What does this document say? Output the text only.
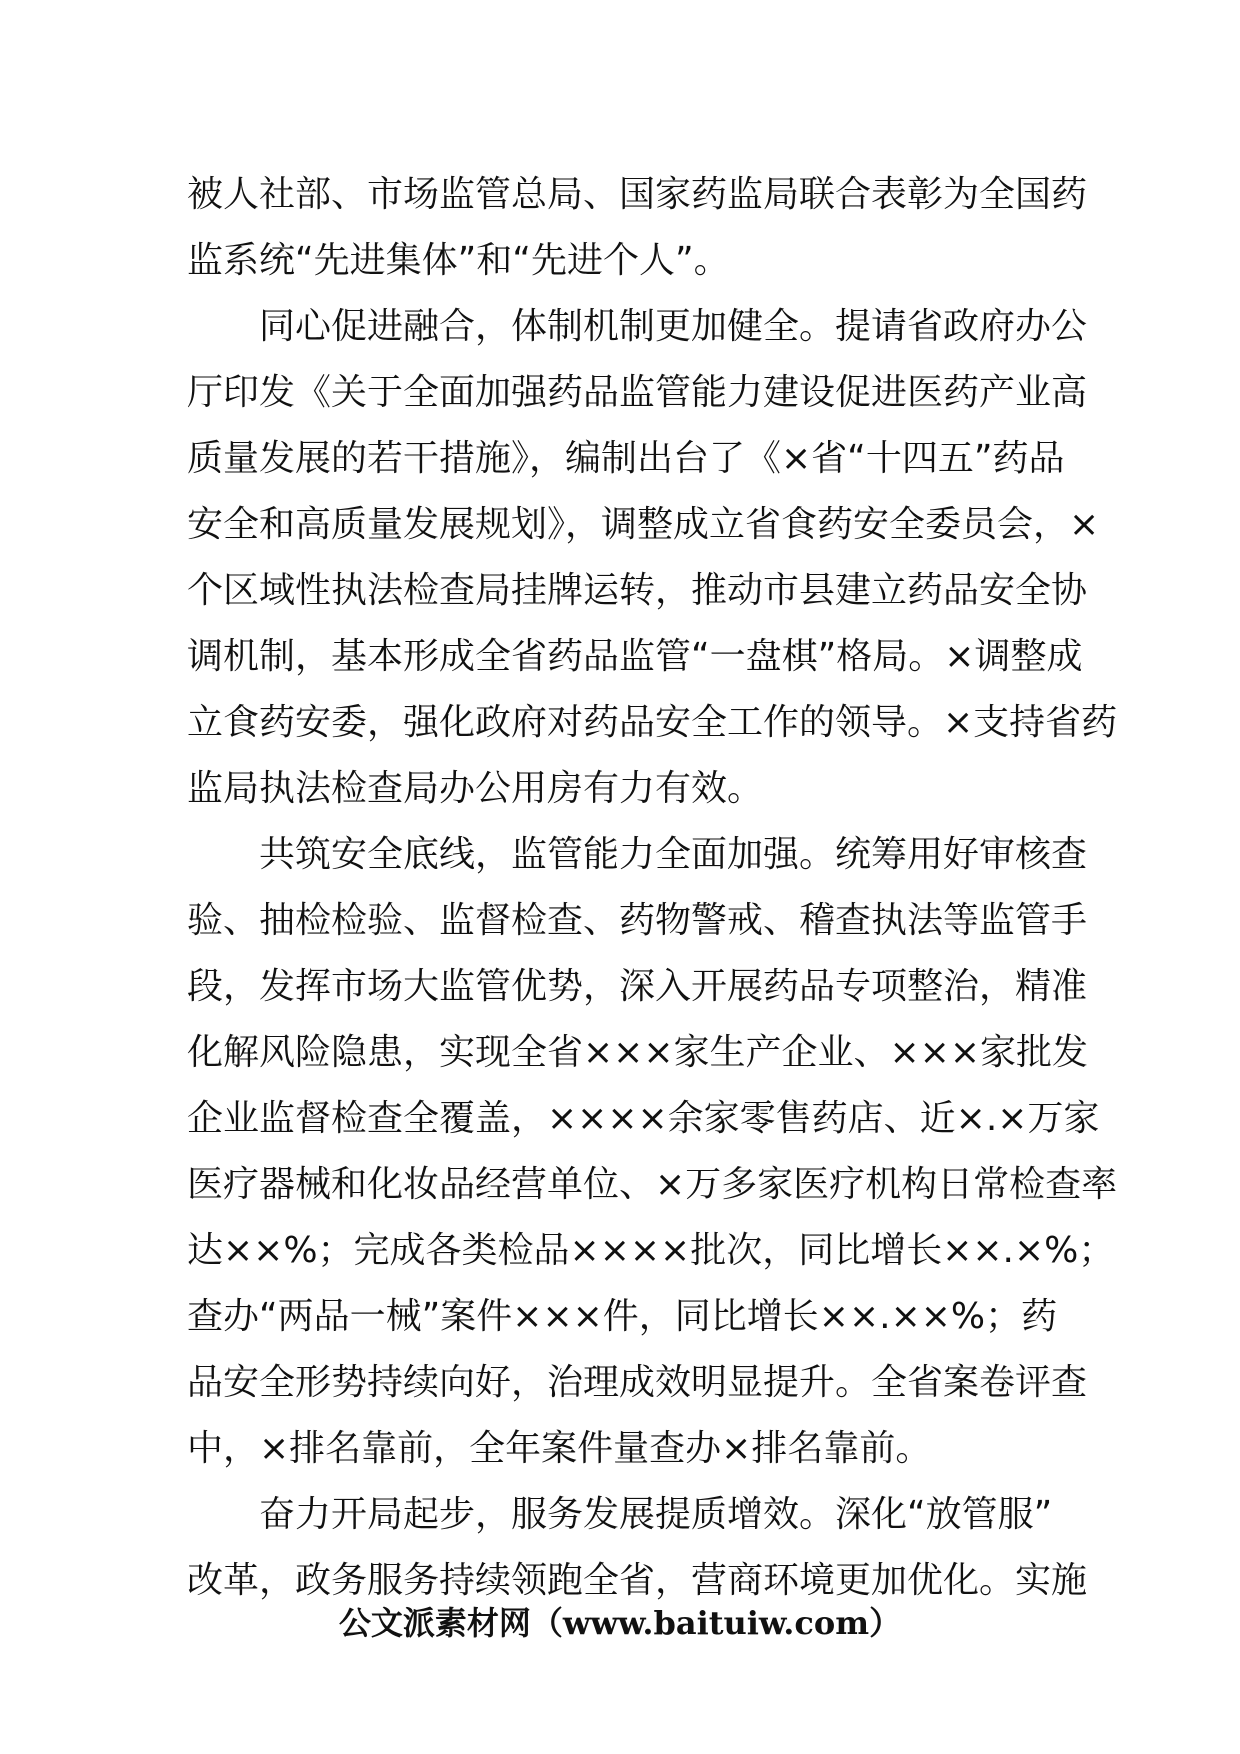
被人社部、市场监管总局、国家药监局联合表彰为全国药
监系统“先进集体”和“先进个人”。
　　同心促进融合，体制机制更加健全。提请省政府办公
厅印发《关于全面加强药品监管能力建设促进医药产业高
质量发展的若干措施》，编制出台了《×省“十四五”药品
安全和高质量发展规划》，调整成立省食药安全委员会，×
个区域性执法检查局挂牌运转，推动市县建立药品安全协
调机制，基本形成全省药品监管“一盘棋”格局。×调整成
立食药安委，强化政府对药品安全工作的领导。×支持省药
监局执法检查局办公用房有力有效。
　　共筑安全底线，监管能力全面加强。统筹用好审核查
验、抽检检验、监督检查、药物警戒、稽查执法等监管手
段，发挥市场大监管优势，深入开展药品专项整治，精准
化解风险隐患，实现全省×××家生产企业、×××家批发
企业监督检查全覆盖，××××余家零售药店、近×.×万家
医疗器械和化妆品经营单位、×万多家医疗机构日常检查率
达××%；完成各类检品××××批次，同比增长××.×%；
查办“两品一械”案件×××件，同比增长××.××%；药
品安全形势持续向好，治理成效明显提升。全省案卷评查
中，×排名靠前，全年案件量查办×排名靠前。
　　奋力开局起步，服务发展提质增效。深化“放管服”
改革，政务服务持续领跑全省，营商环境更加优化。实施
公文派素材网（www.baituiw.com）
